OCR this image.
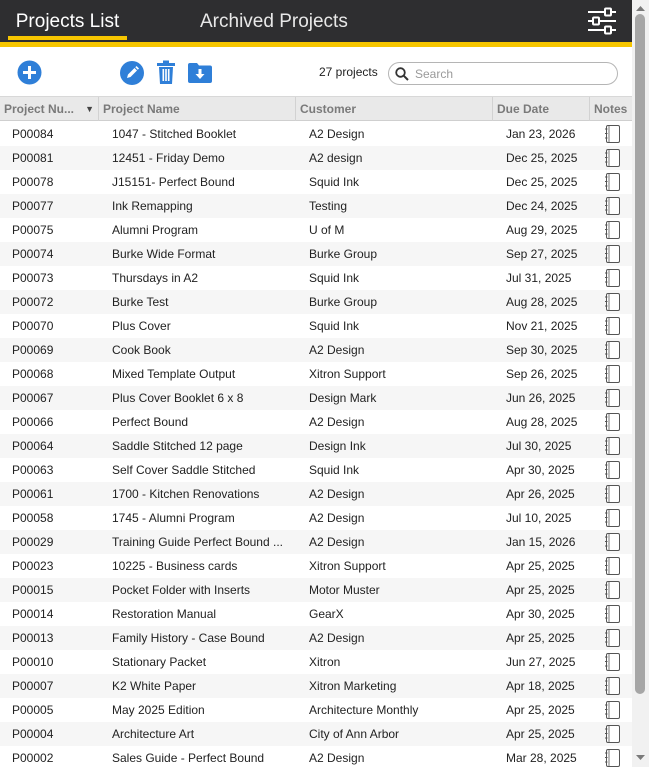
Projects List	Archived Projects
27 projects
Search
Project Nu... ▼ Project Name	Customer	Due Date	Notes
P00084	1047 - Stitched Booklet	A2 Design	Jan 23, 2026
P00081	12451 - Friday Demo	A2 design	Dec 25, 2025
P00078	J15151- Perfect Bound	Squid Ink	Dec 25, 2025
P00077	Ink Remapping	Testing	Dec 24, 2025
P00075	Alumni Program	U of M	Aug 29, 2025
P00074	Burke Wide Format	Burke Group	Sep 27, 2025
P00073	Thursdays in A2	Squid Ink	Jul 31, 2025
P00072	Burke Test	Burke Group	Aug 28, 2025
P00070	Plus Cover	Squid Ink	Nov 21, 2025
P00069	Cook Book	A2 Design	Sep 30, 2025
P00068	Mixed Template Output	Xitron Support	Sep 26, 2025
P00067	Plus Cover Booklet 6 x 8	Design Mark	Jun 26, 2025
P00066	Perfect Bound	A2 Design	Aug 28, 2025
P00064	Saddle Stitched 12 page	Design Ink	Jul 30, 2025
P00063	Self Cover Saddle Stitched	Squid Ink	Apr 30, 2025
P00061	1700 - Kitchen Renovations	A2 Design	Apr 26, 2025
P00058	1745 - Alumni Program	A2 Design	Jul 10, 2025
P00029	Training Guide Perfect Bound ...	A2 Design	Jan 15, 2026
P00023	10225 - Business cards	Xitron Support	Apr 25, 2025
P00015	Pocket Folder with Inserts	Motor Muster	Apr 25, 2025
P00014	Restoration Manual	GearX	Apr 30, 2025
P00013	Family History - Case Bound	A2 Design	Apr 25, 2025
P00010	Stationary Packet	Xitron	Jun 27, 2025
P00007	K2 White Paper	Xitron Marketing	Apr 18, 2025
P00005	May 2025 Edition	Architecture Monthly	Apr 25, 2025
P00004	Architecture Art	City of Ann Arbor	Apr 25, 2025
P00002	Sales Guide - Perfect Bound	A2 Design	Mar 28, 2025
